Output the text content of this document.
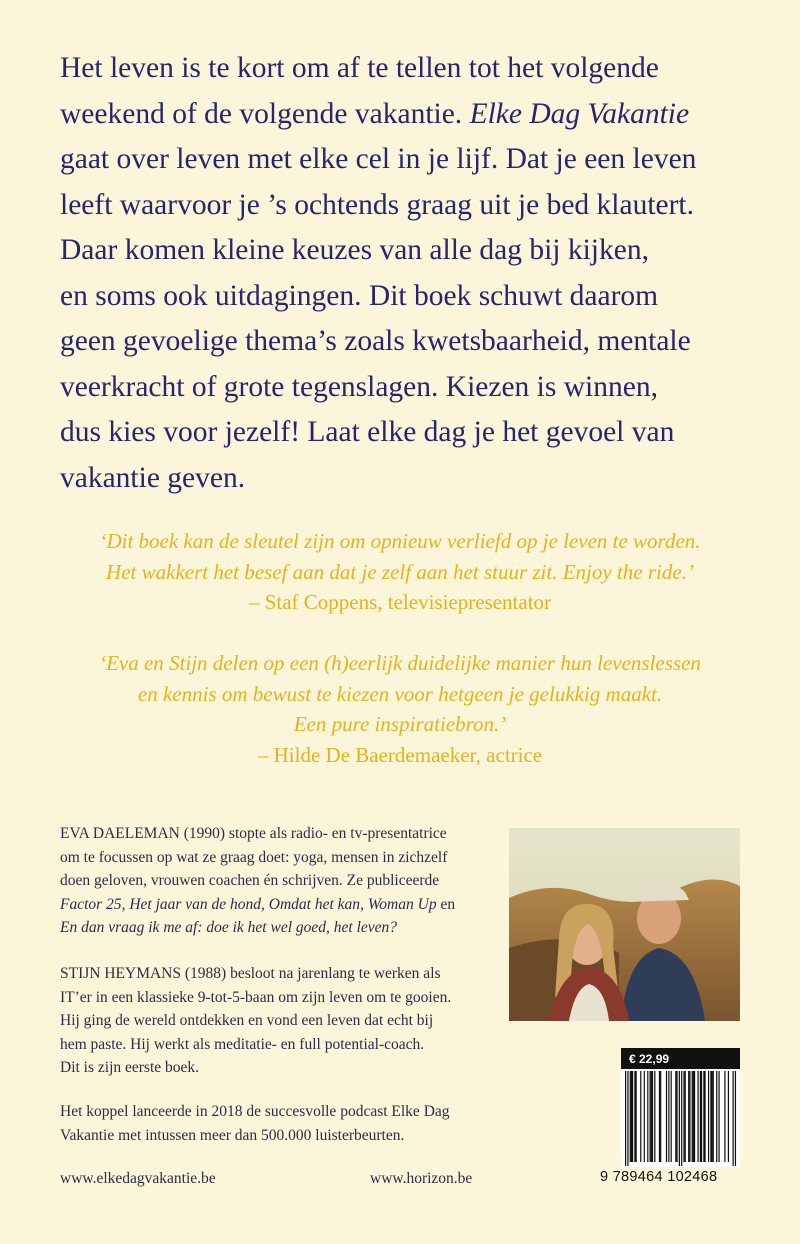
Het leven is te kort om af te tellen tot het volgende
weekend of de volgende vakantie. Elke Dag Vakantie
gaat over leven met elke cel in je lijf. Dat je een leven
leeft waarvoor je ’s ochtends graag uit je bed klautert.
Daar komen kleine keuzes van alle dag bij kijken,
en soms ook uitdagingen. Dit boek schuwt daarom
geen gevoelige thema’s zoals kwetsbaarheid, mentale
veerkracht of grote tegenslagen. Kiezen is winnen,
dus kies voor jezelf! Laat elke dag je het gevoel van
vakantie geven.
‘Dit boek kan de sleutel zijn om opnieuw verliefd op je leven te worden.
Het wakkert het besef aan dat je zelf aan het stuur zit. Enjoy the ride.’
– Staf Coppens, televisiepresentator
‘Eva en Stijn delen op een (h)eerlijk duidelijke manier hun levenslessen
en kennis om bewust te kiezen voor hetgeen je gelukkig maakt.
Een pure inspiratiebron.’
– Hilde De Baerdemaeker, actrice
EVA DAELEMAN (1990) stopte als radio- en tv-presentatrice
om te focussen op wat ze graag doet: yoga, mensen in zichzelf
doen geloven, vrouwen coachen én schrijven. Ze publiceerde
Factor 25, Het jaar van de hond, Omdat het kan, Woman Up en
En dan vraag ik me af: doe ik het wel goed, het leven?
STIJN HEYMANS (1988) besloot na jarenlang te werken als
IT’er in een klassieke 9-tot-5-baan om zijn leven om te gooien.
Hij ging de wereld ontdekken en vond een leven dat echt bij
hem paste. Hij werkt als meditatie- en full potential-coach.
Dit is zijn eerste boek.
Het koppel lanceerde in 2018 de succesvolle podcast Elke Dag
Vakantie met intussen meer dan 500.000 luisterbeurten.
€ 22,99
9 789464 102468
www.elkedagvakantie.be	www.horizon.be
